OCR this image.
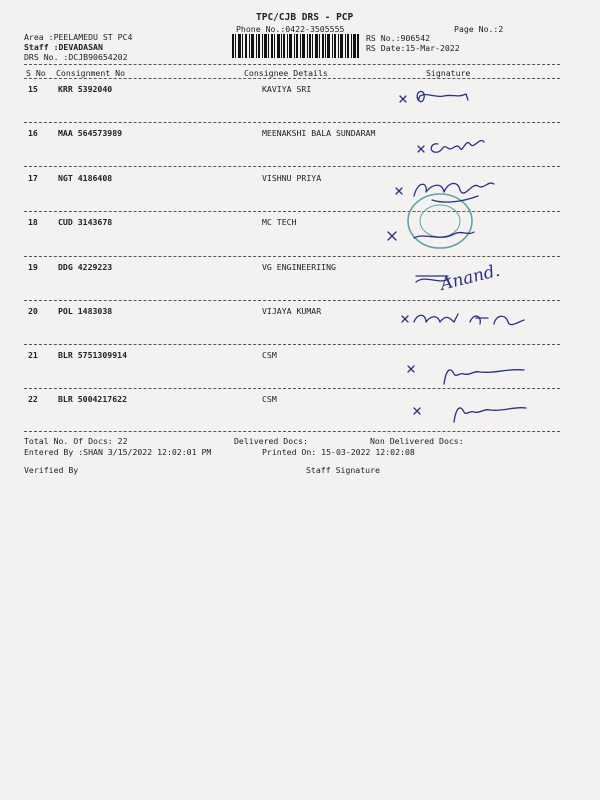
TPC/CJB DRS - PCP
Phone No.:0422-3505555	Page No.:2
Area :PEELAMEDU ST PC4
Staff :DEVADASAN
DRS No. :DCJB90654202
RS No.:906542
RS Date:15-Mar-2022
S No Consignment No	Consignee Details	Signature
15 KRR 5392040	KAVIYA SRI
16 MAA 564573989	MEENAKSHI BALA SUNDARAM
17 NGT 4186408	VISHNU PRIYA
18 CUD 3143678	MC TECH
19 DDG 4229223	VG ENGINEERIING
20 POL 1483038	VIJAYA KUMAR
21 BLR 5751309914	CSM
22 BLR 5004217622	CSM
Total No. Of Docs: 22	Delivered Docs:	Non Delivered Docs:
Entered By :SHAN 3/15/2022 12:02:01 PM	Printed On: 15-03-2022 12:02:08
Verified By	Staff Signature
Anand.
